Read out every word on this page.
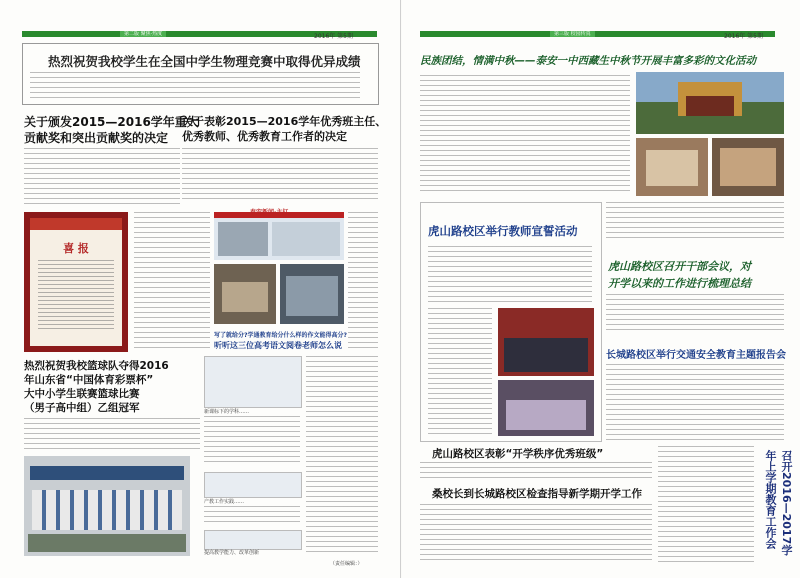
第二版 聚焦·热度	2016年 第5期
热烈祝贺我校学生在全国中学生物理竞赛中取得优异成绩
关于颁发2015—2016学年重大
贡献奖和突出贡献奖的决定
关于表彰2015—2016学年优秀班主任、
优秀教师、优秀教育工作者的决定
喜 报
泰安新闻·主打
写了就给分?学通教育给分什么样的作文能得高分?
听听这三位高考语文阅卷老师怎么说
热烈祝贺我校篮球队夺得2016
年山东省“中国体育彩票杯”
大中小学生联赛篮球比赛
（男子高中组）乙组冠军	新课标下的学科……
产教工作实践……
提高教学能力、改革创新
（责任编辑：）
第三版 校园传真	2016年 第5期
民族团结，情满中秋——泰安一中西藏生中秋节开展丰富多彩的文化活动
虎山路校区举行教师宣誓活动
虎山路校区召开干部会议，对
开学以来的工作进行梳理总结
长城路校区举行交通安全教育主题报告会
虎山路校区表彰“开学秩序优秀班级”
桑校长到长城路校区检查指导新学期开学工作	召开2016—2017学年上学期教育工作会
